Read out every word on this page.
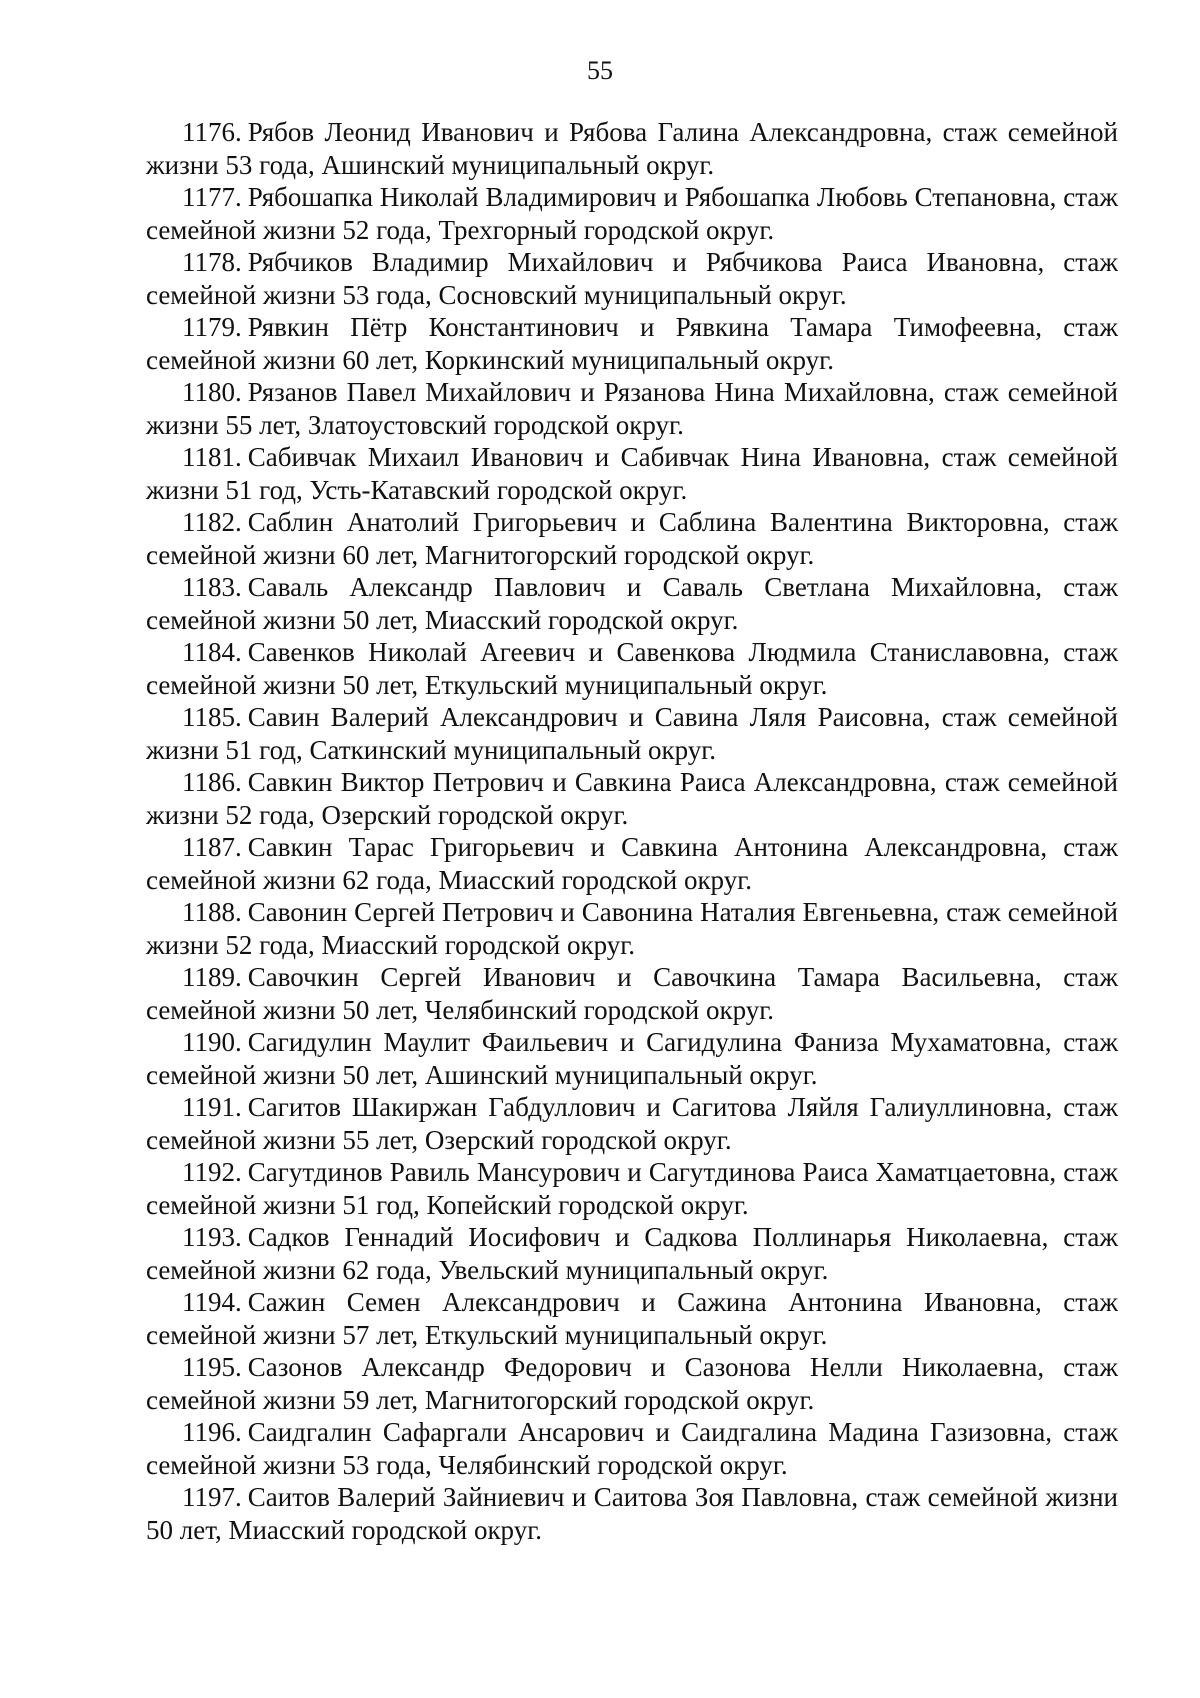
55

1176. Рябов Леонид Иванович и Рябова Галина Александровна, стаж семейной жизни 53 года, Ашинский муниципальный округ.

1177. Рябошапка Николай Владимирович и Рябошапка Любовь Степановна, стаж семейной жизни 52 года, Трехгорный городской округ.

1178. Рябчиков Владимир Михайлович и Рябчикова Раиса Ивановна, стаж семейной жизни 53 года, Сосновский муниципальный округ.

1179. Рявкин Пётр Константинович и Рявкина Тамара Тимофеевна, стаж семейной жизни 60 лет, Коркинский муниципальный округ.

1180. Рязанов Павел Михайлович и Рязанова Нина Михайловна, стаж семейной жизни 55 лет, Златоустовский городской округ.

1181. Сабивчак Михаил Иванович и Сабивчак Нина Ивановна, стаж семейной жизни 51 год, Усть-Катавский городской округ.

1182. Саблин Анатолий Григорьевич и Саблина Валентина Викторовна, стаж семейной жизни 60 лет, Магнитогорский городской округ.

1183. Саваль Александр Павлович и Саваль Светлана Михайловна, стаж семейной жизни 50 лет, Миасский городской округ.

1184. Савенков Николай Агеевич и Савенкова Людмила Станиславовна, стаж семейной жизни 50 лет, Еткульский муниципальный округ.

1185. Савин Валерий Александрович и Савина Ляля Раисовна, стаж семейной жизни 51 год, Саткинский муниципальный округ.

1186. Савкин Виктор Петрович и Савкина Раиса Александровна, стаж семейной жизни 52 года, Озерский городской округ.

1187. Савкин Тарас Григорьевич и Савкина Антонина Александровна, стаж семейной жизни 62 года, Миасский городской округ.

1188. Савонин Сергей Петрович и Савонина Наталия Евгеньевна, стаж семейной жизни 52 года, Миасский городской округ.

1189. Савочкин Сергей Иванович и Савочкина Тамара Васильевна, стаж семейной жизни 50 лет, Челябинский городской округ.

1190. Сагидулин Маулит Фаильевич и Сагидулина Фаниза Мухаматовна, стаж семейной жизни 50 лет, Ашинский муниципальный округ.

1191. Сагитов Шакиржан Габдуллович и Сагитова Ляйля Галиуллиновна, стаж семейной жизни 55 лет, Озерский городской округ.

1192. Сагутдинов Равиль Мансурович и Сагутдинова Раиса Хаматцаетовна, стаж семейной жизни 51 год, Копейский городской округ.

1193. Садков Геннадий Иосифович и Садкова Поллинарья Николаевна, стаж семейной жизни 62 года, Увельский муниципальный округ.

1194. Сажин Семен Александрович и Сажина Антонина Ивановна, стаж семейной жизни 57 лет, Еткульский муниципальный округ.

1195. Сазонов Александр Федорович и Сазонова Нелли Николаевна, стаж семейной жизни 59 лет, Магнитогорский городской округ.

1196. Саидгалин Сафаргали Ансарович и Саидгалина Мадина Газизовна, стаж семейной жизни 53 года, Челябинский городской округ.

1197. Саитов Валерий Зайниевич и Саитова Зоя Павловна, стаж семейной жизни 50 лет, Миасский городской округ.
